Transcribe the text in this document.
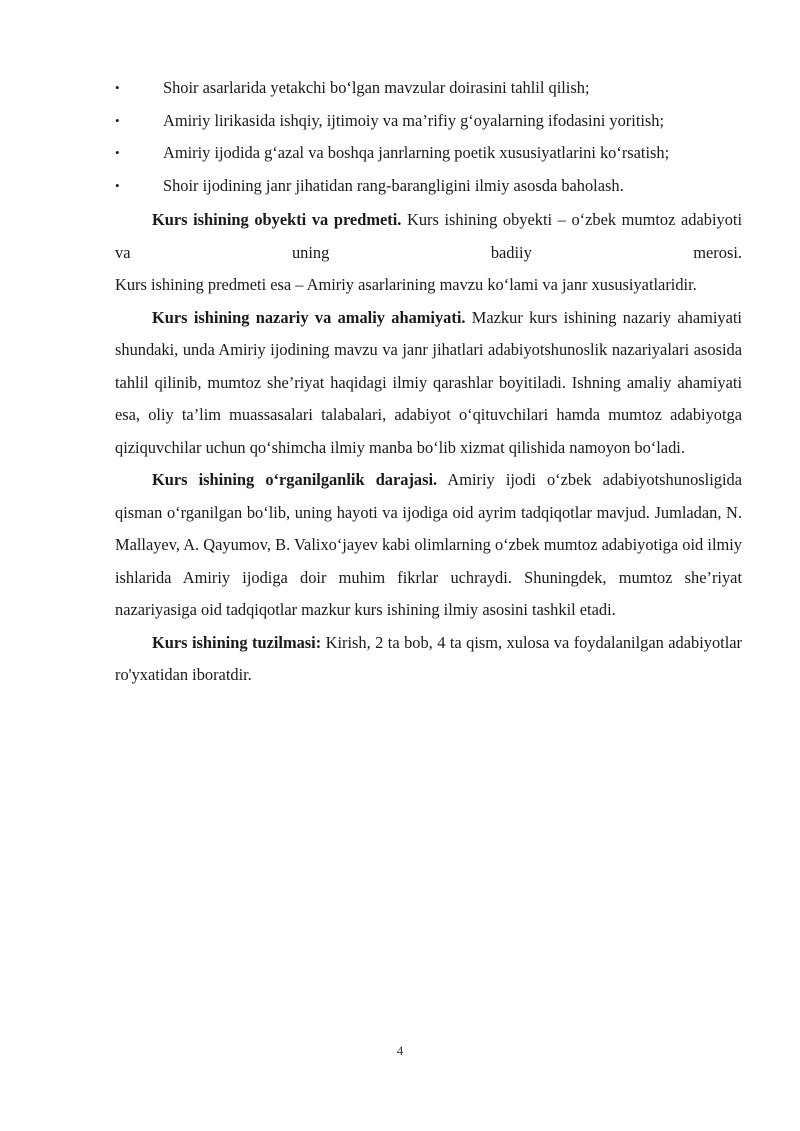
•	Shoir asarlarida yetakchi bo‘lgan mavzular doirasini tahlil qilish;
•	Amiriy lirikasida ishqiy, ijtimoiy va ma’rifiy g‘oyalarning ifodasini yoritish;
•	Amiriy ijodida g‘azal va boshqa janrlarning poetik xususiyatlarini ko‘rsatish;
•	Shoir ijodining janr jihatidan rang-barangligini ilmiy asosda baholash.

Kurs ishining obyekti va predmeti. Kurs ishining obyekti – o‘zbek mumtoz adabiyoti va uning badiiy merosi.

Kurs ishining predmeti esa – Amiriy asarlarining mavzu ko‘lami va janr xususiyatlaridir.

Kurs ishining nazariy va amaliy ahamiyati. Mazkur kurs ishining nazariy ahamiyati shundaki, unda Amiriy ijodining mavzu va janr jihatlari adabiyotshunoslik nazariyalari asosida tahlil qilinib, mumtoz she’riyat haqidagi ilmiy qarashlar boyitiladi. Ishning amaliy ahamiyati esa, oliy ta’lim muassasalari talabalari, adabiyot o‘qituvchilari hamda mumtoz adabiyotga qiziquvchilar uchun qo‘shimcha ilmiy manba bo‘lib xizmat qilishida namoyon bo‘ladi.

Kurs ishining o‘rganilganlik darajasi. Amiriy ijodi o‘zbek adabiyotshunosligida qisman o‘rganilgan bo‘lib, uning hayoti va ijodiga oid ayrim tadqiqotlar mavjud. Jumladan, N. Mallayev, A. Qayumov, B. Valixo‘jayev kabi olimlarning o‘zbek mumtoz adabiyotiga oid ilmiy ishlarida Amiriy ijodiga doir muhim fikrlar uchraydi. Shuningdek, mumtoz she’riyat nazariyasiga oid tadqiqotlar mazkur kurs ishining ilmiy asosini tashkil etadi.

Kurs ishining tuzilmasi: Kirish, 2 ta bob, 4 ta qism, xulosa va foydalanilgan adabiyotlar ro'yxatidan iboratdir.

4
